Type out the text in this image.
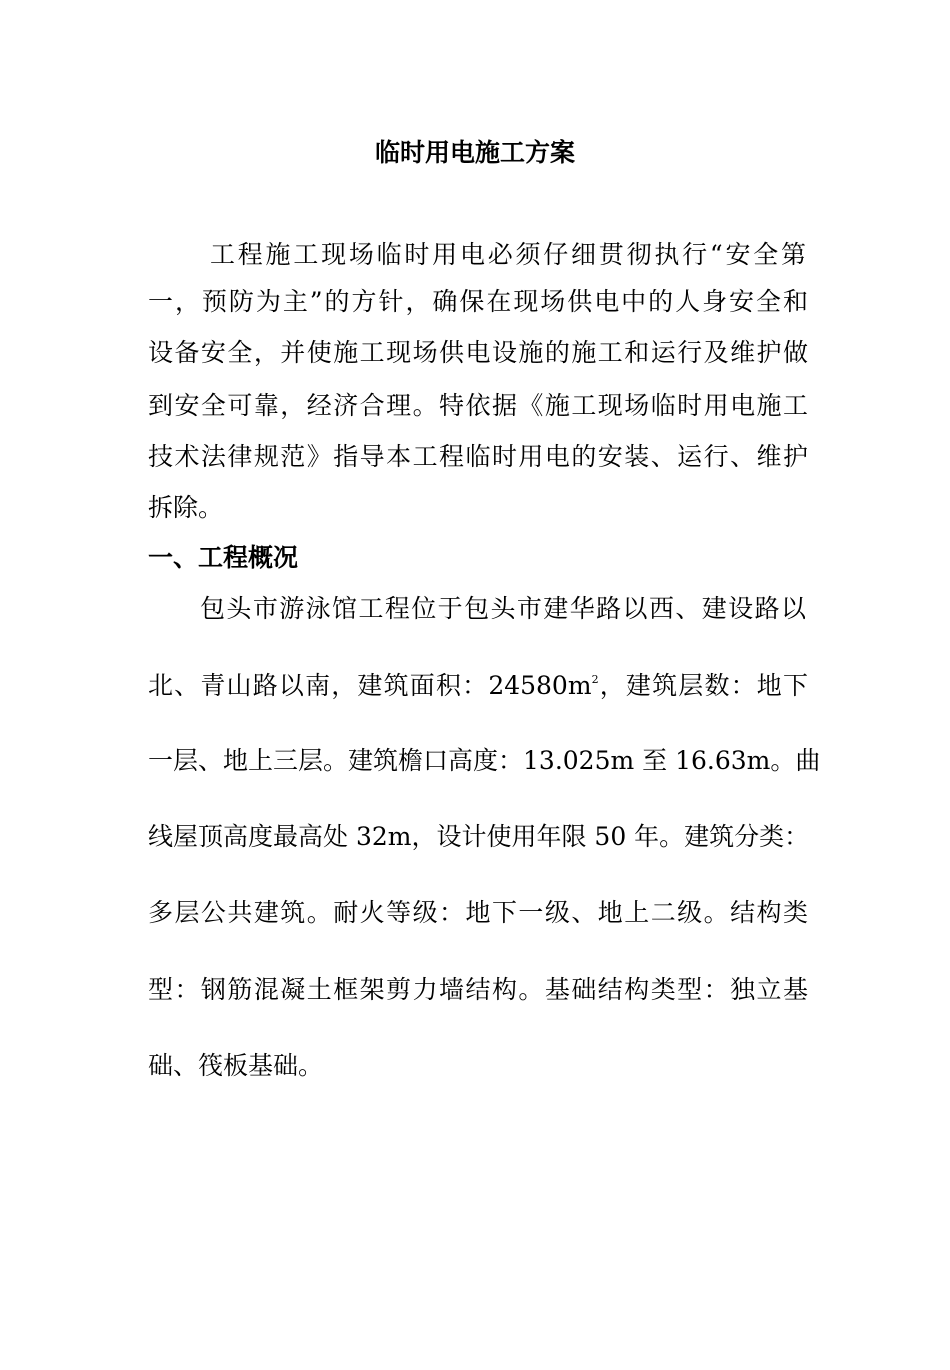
临时用电施工方案
工程施工现场临时用电必须仔细贯彻执行“安全第
一，预防为主”的方针，确保在现场供电中的人身安全和
设备安全，并使施工现场供电设施的施工和运行及维护做
到安全可靠，经济合理。特依据《施工现场临时用电施工
技术法律规范》指导本工程临时用电的安装、运行、维护
拆除。
一、工程概况
包头市游泳馆工程位于包头市建华路以西、建设路以
北、青山路以南，建筑面积：$24580m^2$，建筑层数：地下
一层、地上三层。建筑檐口高度：13.025m 至 16.63m。曲
线屋顶高度最高处 32m，设计使用年限 50 年。建筑分类：
多层公共建筑。耐火等级：地下一级、地上二级。结构类
型：钢筋混凝土框架剪力墙结构。基础结构类型：独立基
础、筏板基础。
